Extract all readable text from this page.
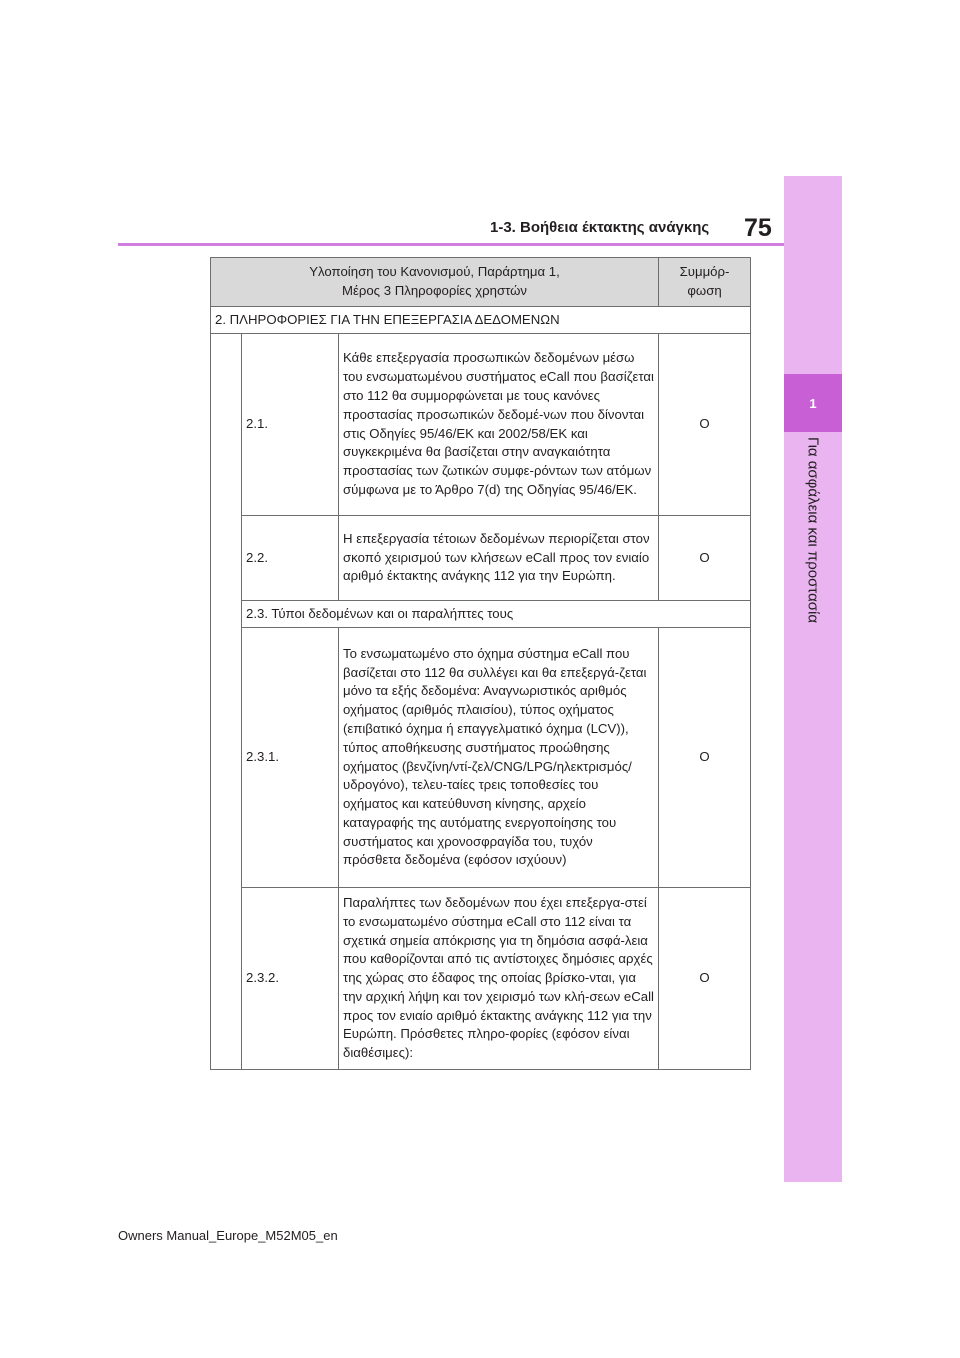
1
Για ασφάλεια και προστασία
1-3. Βοήθεια έκτακτης ανάγκης 75
Υλοποίηση του Κανονισμού, Παράρτημα 1,
Μέρος 3 Πληροφορίες χρηστών			Συμμόρ-φωση
2. ΠΛΗΡΟΦΟΡΙΕΣ ΓΙΑ ΤΗΝ ΕΠΕΞΕΡΓΑΣΙΑ ΔΕΔΟΜΕΝΩΝ			
	2.1.	Κάθε επεξεργασία προσωπικών δεδομένων μέσω του ενσωματωμένου συστήματος eCall που βασίζεται στο 112 θα συμμορφώνεται με τους κανόνες προστασίας προσωπικών δεδομέ-νων που δίνονται στις Οδηγίες 95/46/ΕΚ και 2002/58/ΕΚ και συγκεκριμένα θα βασίζεται στην αναγκαιότητα προστασίας των ζωτικών συμφε-ρόντων των ατόμων σύμφωνα με το Άρθρο 7(d) της Οδηγίας 95/46/ΕΚ.	O
	2.2.	Η επεξεργασία τέτοιων δεδομένων περιορίζεται στον σκοπό χειρισμού των κλήσεων eCall προς τον ενιαίο αριθμό έκτακτης ανάγκης 112 για την Ευρώπη.	O
	2.3. Τύποι δεδομένων και οι παραλήπτες τους		
	2.3.1.	Το ενσωματωμένο στο όχημα σύστημα eCall που βασίζεται στο 112 θα συλλέγει και θα επεξεργά-ζεται μόνο τα εξής δεδομένα: Αναγνωριστικός αριθμός οχήματος (αριθμός πλαισίου), τύπος οχήματος (επιβατικό όχημα ή επαγγελματικό όχημα (LCV)), τύπος αποθήκευσης συστήματος προώθησης οχήματος (βενζίνη/ντί-ζελ/CNG/LPG/ηλεκτρισμός/υδρογόνο), τελευ-ταίες τρεις τοποθεσίες του οχήματος και κατεύθυνση κίνησης, αρχείο καταγραφής της αυτόματης ενεργοποίησης του συστήματος και χρονοσφραγίδα του, τυχόν πρόσθετα δεδομένα (εφόσον ισχύουν)	O
	2.3.2.	Παραλήπτες των δεδομένων που έχει επεξεργα-στεί το ενσωματωμένο σύστημα eCall στο 112 είναι τα σχετικά σημεία απόκρισης για τη δημόσια ασφά-λεια που καθορίζονται από τις αντίστοιχες δημόσιες αρχές της χώρας στο έδαφος της οποίας βρίσκο-νται, για την αρχική λήψη και τον χειρισμό των κλή-σεων eCall προς τον ενιαίο αριθμό έκτακτης ανάγκης 112 για την Ευρώπη. Πρόσθετες πληρο-φορίες (εφόσον είναι διαθέσιμες):	O
Owners Manual_Europe_M52M05_en
